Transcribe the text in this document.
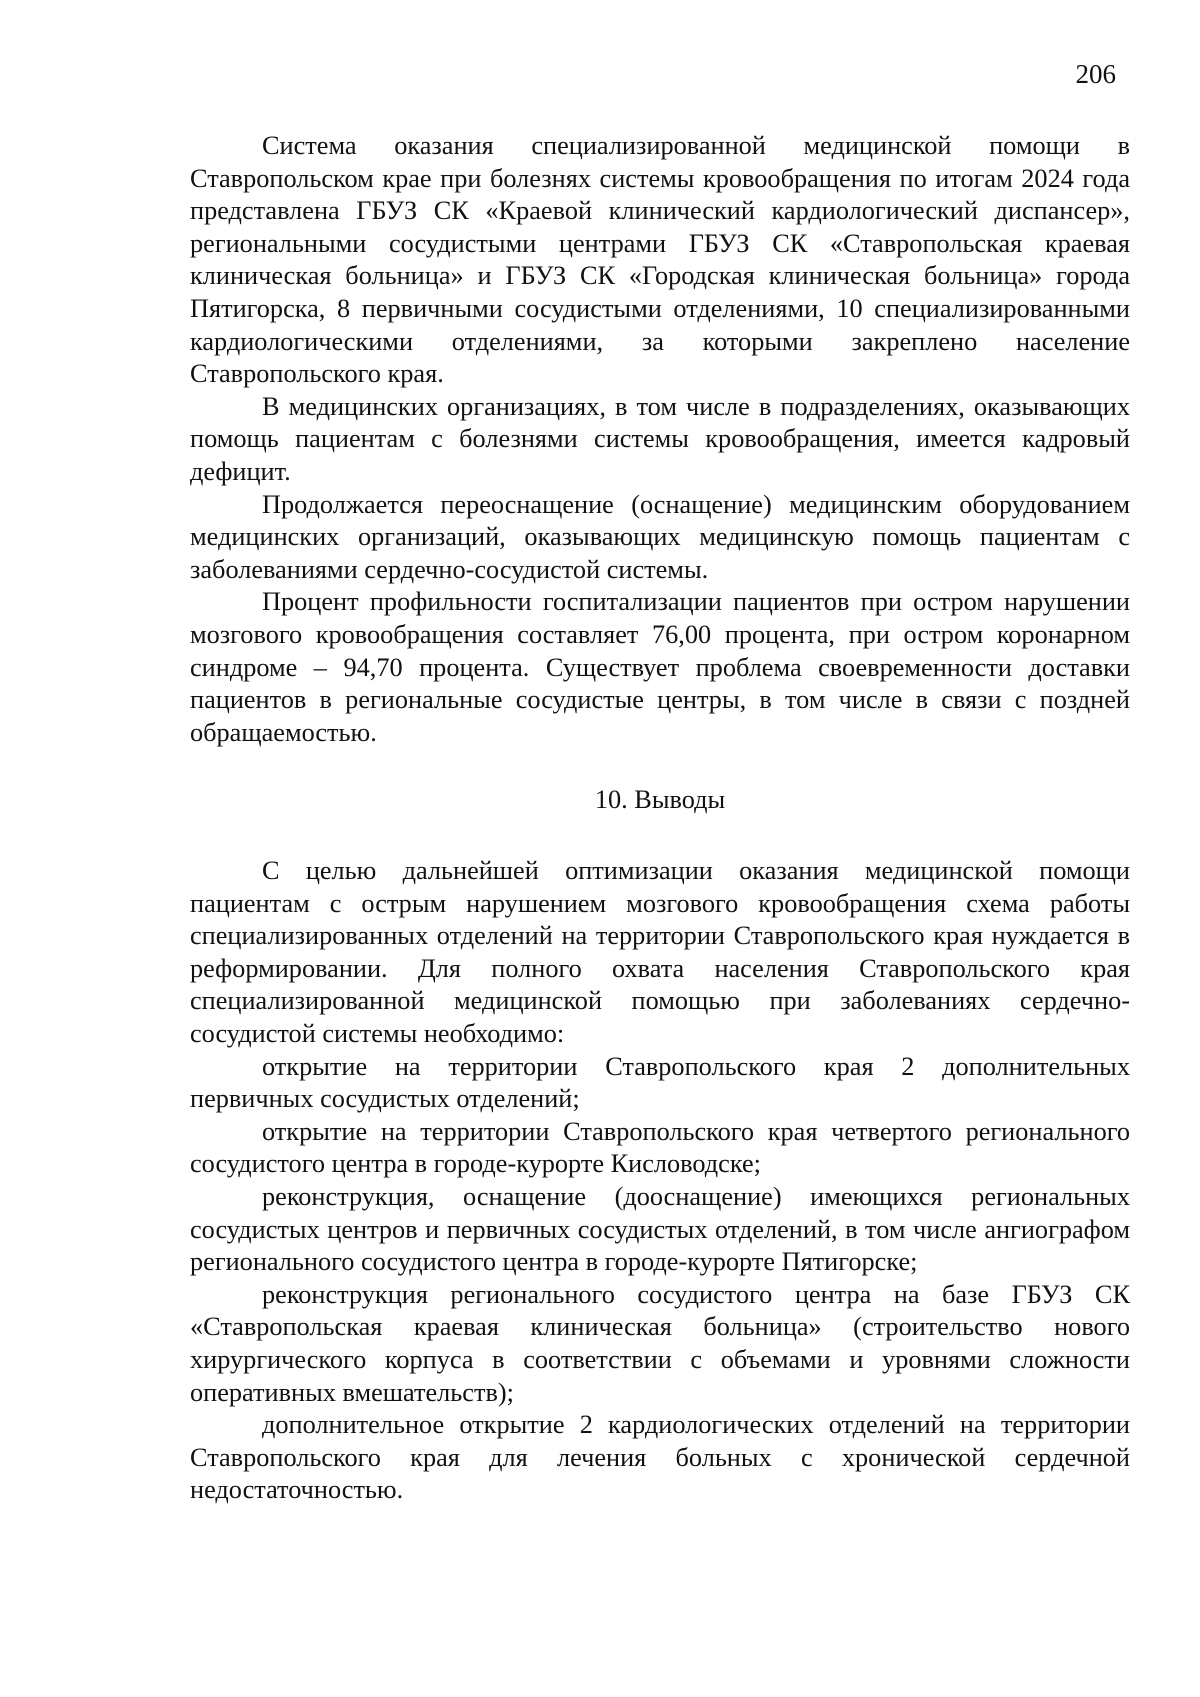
206

Система оказания специализированной медицинской помощи в Ставропольском крае при болезнях системы кровообращения по итогам 2024 года представлена ГБУЗ СК «Краевой клинический кардиологический диспансер», региональными сосудистыми центрами ГБУЗ СК «Ставропольская краевая клиническая больница» и ГБУЗ СК «Городская клиническая больница» города Пятигорска, 8 первичными сосудистыми отделениями, 10 специализированными кардиологическими отделениями, за которыми закреплено население Ставропольского края.

В медицинских организациях, в том числе в подразделениях, оказывающих помощь пациентам с болезнями системы кровообращения, имеется кадровый дефицит.

Продолжается переоснащение (оснащение) медицинским оборудованием медицинских организаций, оказывающих медицинскую помощь пациентам с заболеваниями сердечно-сосудистой системы.

Процент профильности госпитализации пациентов при остром нарушении мозгового кровообращения составляет 76,00 процента, при остром коронарном синдроме – 94,70 процента. Существует проблема своевременности доставки пациентов в региональные сосудистые центры, в том числе в связи с поздней обращаемостью.

10. Выводы

С целью дальнейшей оптимизации оказания медицинской помощи пациентам с острым нарушением мозгового кровообращения схема работы специализированных отделений на территории Ставропольского края нуждается в реформировании. Для полного охвата населения Ставропольского края специализированной медицинской помощью при заболеваниях сердечно-сосудистой системы необходимо:

открытие на территории Ставропольского края 2 дополнительных первичных сосудистых отделений;

открытие на территории Ставропольского края четвертого регионального сосудистого центра в городе-курорте Кисловодске;

реконструкция, оснащение (дооснащение) имеющихся региональных сосудистых центров и первичных сосудистых отделений, в том числе ангиографом регионального сосудистого центра в городе-курорте Пятигорске;

реконструкция регионального сосудистого центра на базе ГБУЗ СК «Ставропольская краевая клиническая больница» (строительство нового хирургического корпуса в соответствии с объемами и уровнями сложности оперативных вмешательств);

дополнительное открытие 2 кардиологических отделений на территории Ставропольского края для лечения больных с хронической сердечной недостаточностью.
